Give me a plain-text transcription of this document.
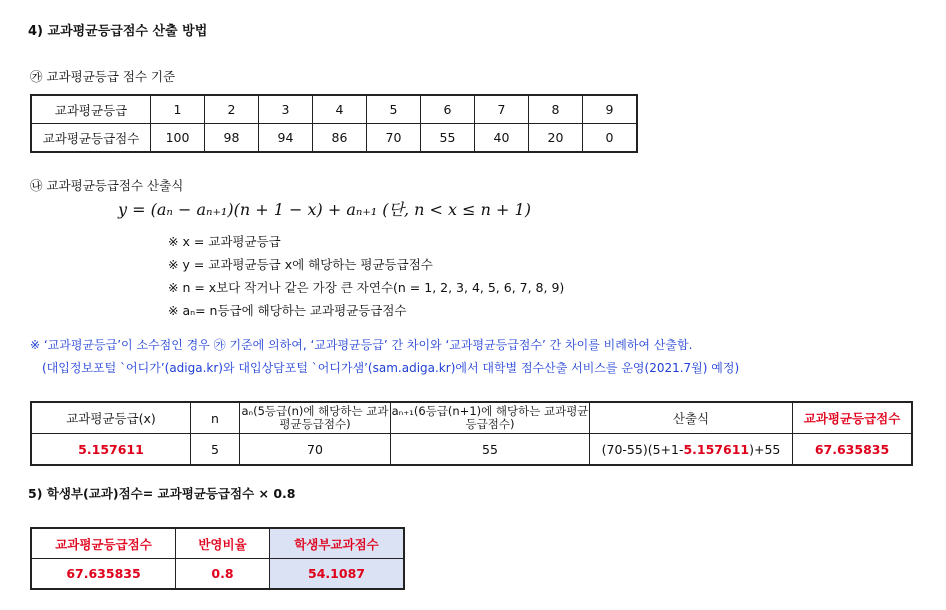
4) 교과평균등급점수 산출 방법
㉮ 교과평균등급 점수 기준
교과평균등급	1	2	3	4	5	6	7	8	9
교과평균등급점수	100	98	94	86	70	55	40	20	0
㉯ 교과평균등급점수 산출식
y = (aₙ − aₙ₊₁)(n + 1 − x) + aₙ₊₁ (단, n < x ≤ n + 1)
※ x = 교과평균등급
※ y = 교과평균등급 x에 해당하는 평균등급점수
※ n = x보다 작거나 같은 가장 큰 자연수(n = 1, 2, 3, 4, 5, 6, 7, 8, 9)
※ aₙ= n등급에 해당하는 교과평균등급점수
※ ‘교과평균등급’이 소수점인 경우 ㉮ 기준에 의하여, ‘교과평균등급’ 간 차이와 ‘교과평균등급점수’ 간 차이를 비례하여 산출함.
(대입정보포털 `어디가’(adiga.kr)와 대입상담포털 `어디가샘’(sam.adiga.kr)에서 대학별 점수산출 서비스를 운영(2021.7월) 예정)
교과평균등급(x)	n	aₙ(5등급(n)에 해당하는 교과평균등급점수)	aₙ₊₁(6등급(n+1)에 해당하는 교과평균등급점수)	산출식	교과평균등급점수
5.157611	5	70	55	(70-55)(5+1-5.157611)+55	67.635835
5) 학생부(교과)점수= 교과평균등급점수 × 0.8
교과평균등급점수	반영비율	학생부교과점수
67.635835	0.8	54.1087
